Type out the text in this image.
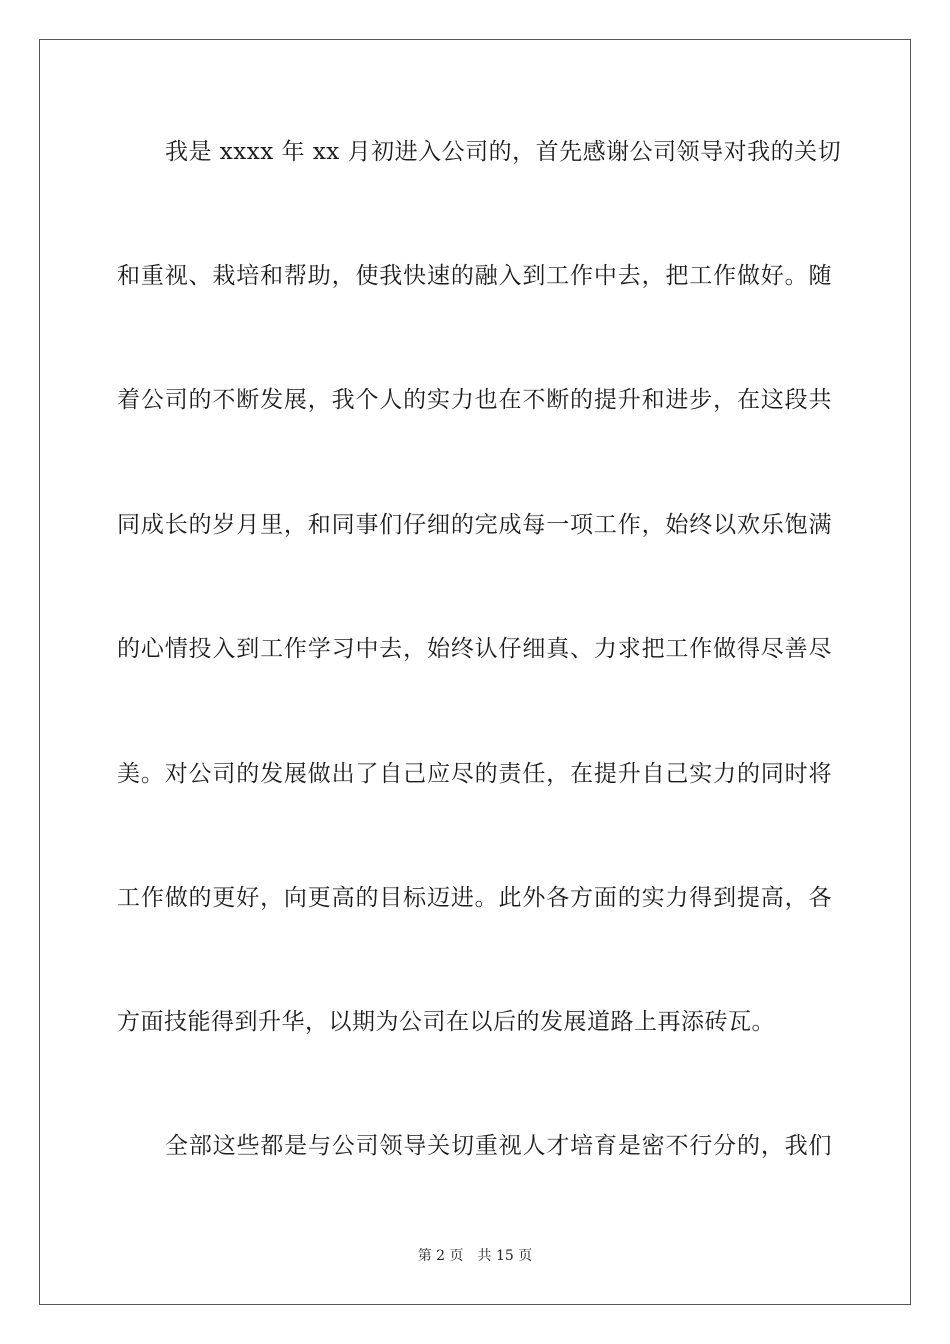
我是 xxxx 年 xx 月初进入公司的，首先感谢公司领导对我的关切
和重视、栽培和帮助，使我快速的融入到工作中去，把工作做好。随
着公司的不断发展，我个人的实力也在不断的提升和进步，在这段共
同成长的岁月里，和同事们仔细的完成每一项工作，始终以欢乐饱满
的心情投入到工作学习中去，始终认仔细真、力求把工作做得尽善尽
美。对公司的发展做出了自己应尽的责任，在提升自己实力的同时将
工作做的更好，向更高的目标迈进。此外各方面的实力得到提高，各
方面技能得到升华，以期为公司在以后的发展道路上再添砖瓦。
全部这些都是与公司领导关切重视人才培育是密不行分的，我们
第 2 页 共 15 页
